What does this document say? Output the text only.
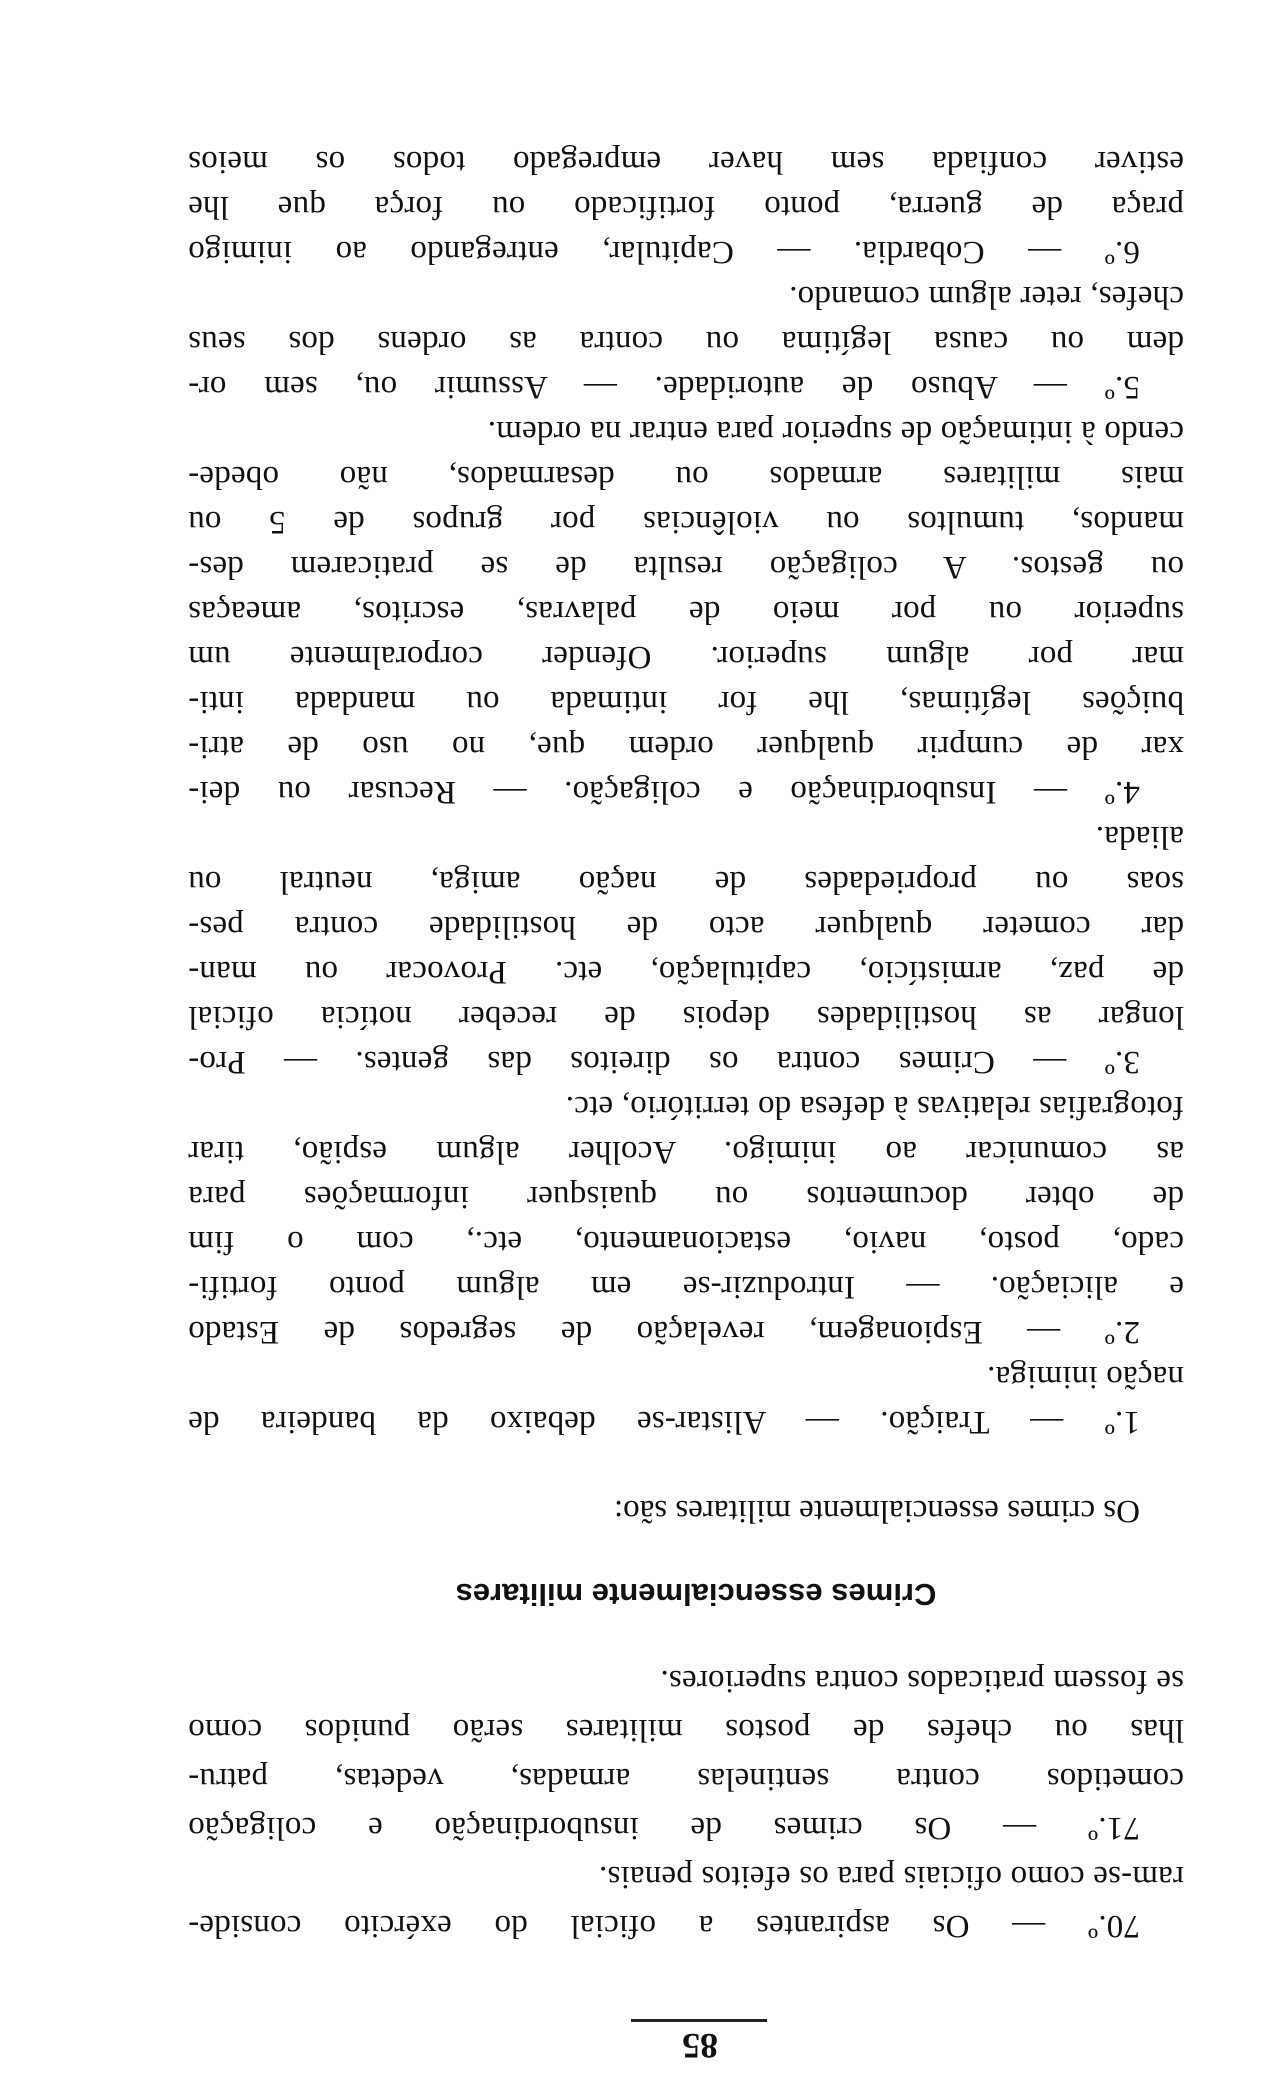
85
70.º — Os aspirantes a oficial do exército conside-
ram-se como oficiais para os efeitos penais.
71.º — Os crimes de insubordinação e coligação
cometidos contra sentinelas armadas, vedetas, patru-
lhas ou chefes de postos militares serão punidos como
se fossem praticados contra superiores.
Crimes essencialmente militares
Os crimes essencialmente militares são:
1.º — Traição. — Alistar-se debaixo da bandeira de
nação inimiga.
2.º — Espionagem, revelação de segredos de Estado
e aliciação. — Introduzir-se em algum ponto fortifi-
cado, posto, navio, estacionamento, etc., com o fim
de obter documentos ou quaisquer informações para
as comunicar ao inimigo. Acolher algum espião, tirar
fotografias relativas à defesa do território, etc.
3.º — Crimes contra os direitos das gentes. — Pro-
longar as hostilidades depois de receber notícia oficial
de paz, armistício, capitulação, etc. Provocar ou man-
dar cometer qualquer acto de hostilidade contra pes-
soas ou propriedades de nação amiga, neutral ou
aliada.
4.º — Insubordinação e coligação. — Recusar ou dei-
xar de cumprir qualquer ordem que, no uso de atri-
buições legítimas, lhe for intimada ou mandada inti-
mar por algum superior. Ofender corporalmente um
superior ou por meio de palavras, escritos, ameaças
ou gestos. A coligação resulta de se praticarem des-
mandos, tumultos ou violências por grupos de 5 ou
mais militares armados ou desarmados, não obede-
cendo à intimação de superior para entrar na ordem.
5.º — Abuso de autoridade. — Assumir ou, sem or-
dem ou causa legítima ou contra as ordens dos seus
chefes, reter algum comando.
6.º — Cobardia. — Capitular, entregando ao inimigo
praça de guerra, ponto fortificado ou força que lhe
estiver confiada sem haver empregado todos os meios
